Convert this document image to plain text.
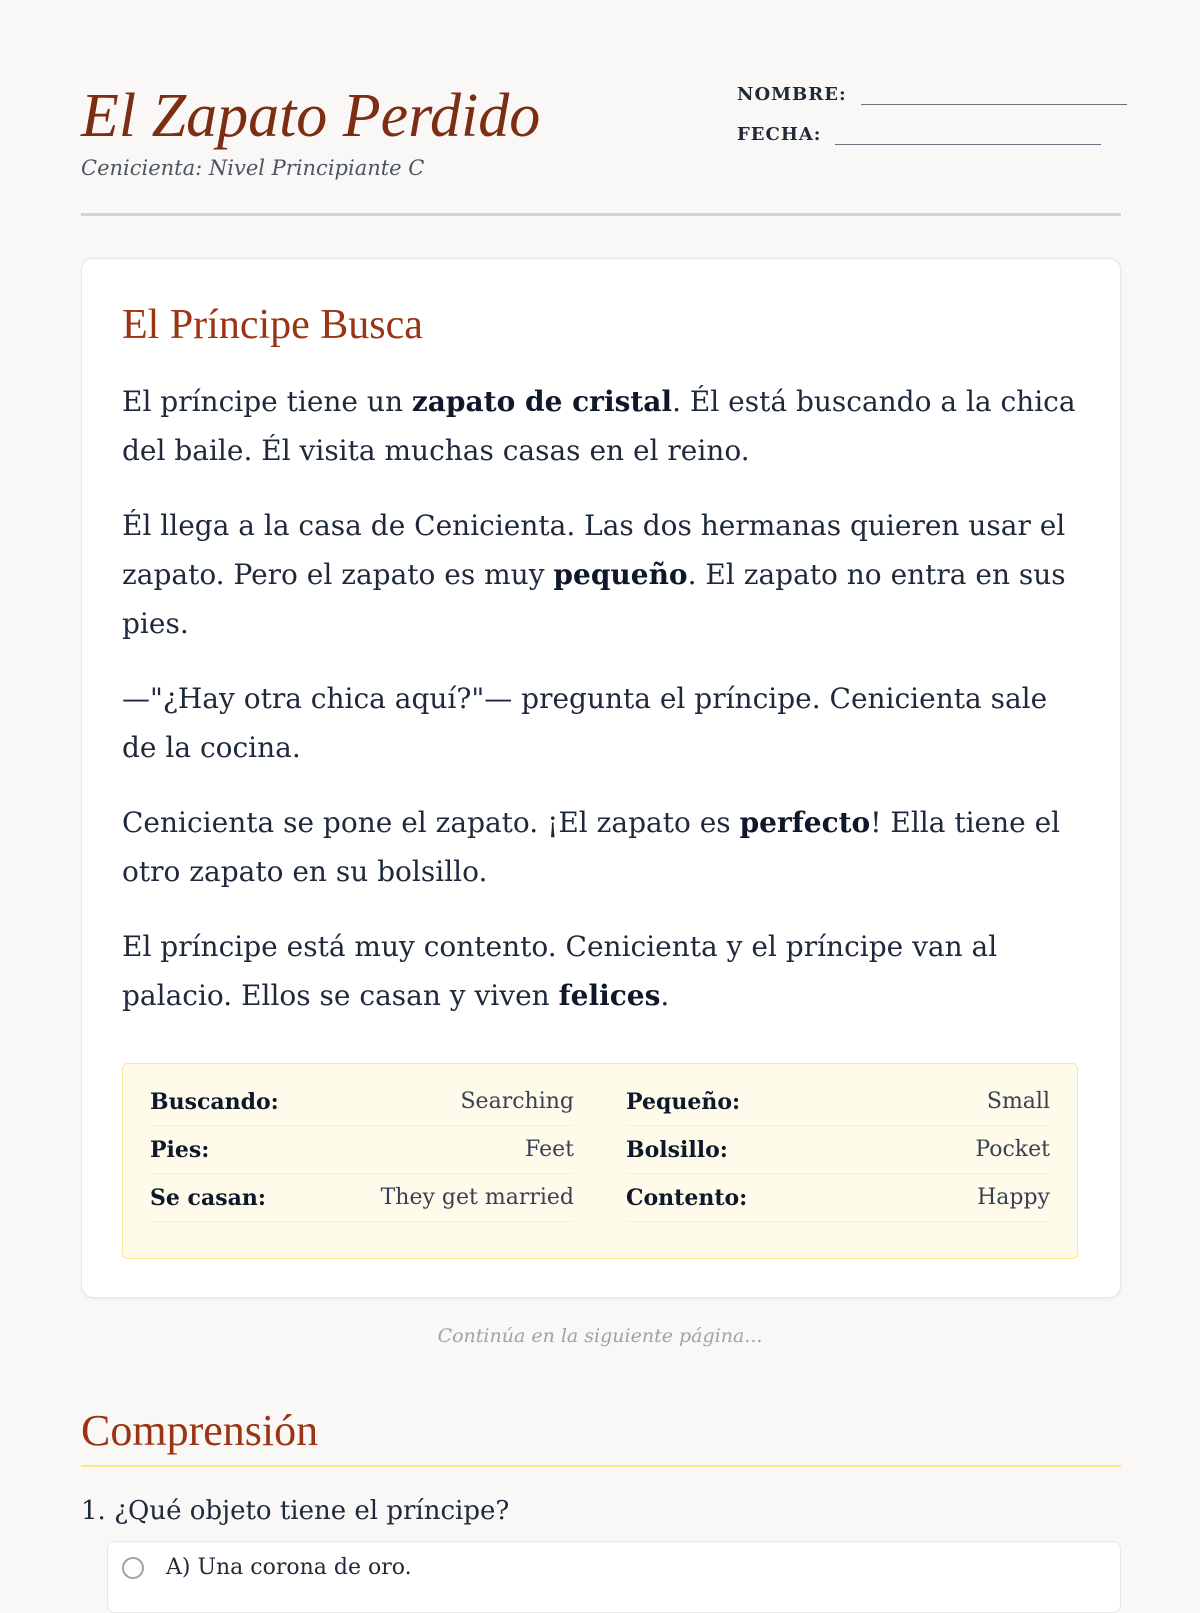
El Zapato Perdido
Cenicienta: Nivel Principiante C
NOMBRE:
FECHA:
El Príncipe Busca

El príncipe tiene un zapato de cristal. Él está buscando a la chica del baile. Él visita muchas casas en el reino.

Él llega a la casa de Cenicienta. Las dos hermanas quieren usar el zapato. Pero el zapato es muy pequeño. El zapato no entra en sus pies.

—"¿Hay otra chica aquí?"— pregunta el príncipe. Cenicienta sale de la cocina.

Cenicienta se pone el zapato. ¡El zapato es perfecto! Ella tiene el otro zapato en su bolsillo.

El príncipe está muy contento. Cenicienta y el príncipe van al palacio. Ellos se casan y viven felices.

Buscando:	Searching
Pies:	Feet
Se casan:	They get married
Pequeño:	Small
Bolsillo:	Pocket
Contento:	Happy
Continúa en la siguiente página...
Comprensión
1. ¿Qué objeto tiene el príncipe?
A) Una corona de oro.
